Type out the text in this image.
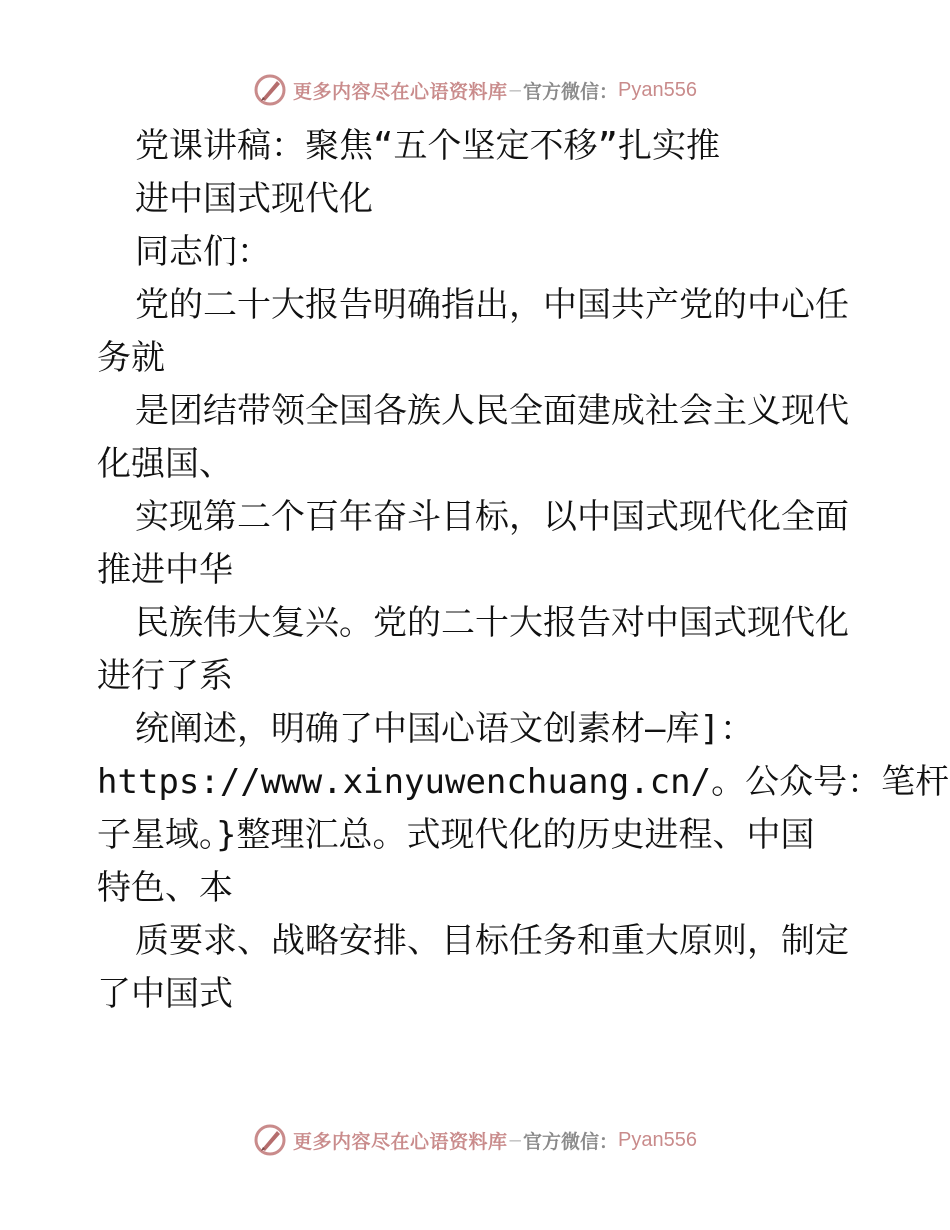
更多内容尽在心语资料库 — 官方微信： Pyan556
党课讲稿：聚焦“五个坚定不移”扎实推
进中国式现代化
同志们：
党的二十大报告明确指出，中国共产党的中心任
务就
是团结带领全国各族人民全面建成社会主义现代
化强国、
实现第二个百年奋斗目标，以中国式现代化全面
推进中华
民族伟大复兴。党的二十大报告对中国式现代化
进行了系
统阐述，明确了中国心语文创素材—库]：
https://www.xinyuwenchuang.cn/。公众号：笔杆
子星域。}整理汇总。式现代化的历史进程、中国
特色、本
质要求、战略安排、目标任务和重大原则，制定
了中国式
更多内容尽在心语资料库 — 官方微信： Pyan556
